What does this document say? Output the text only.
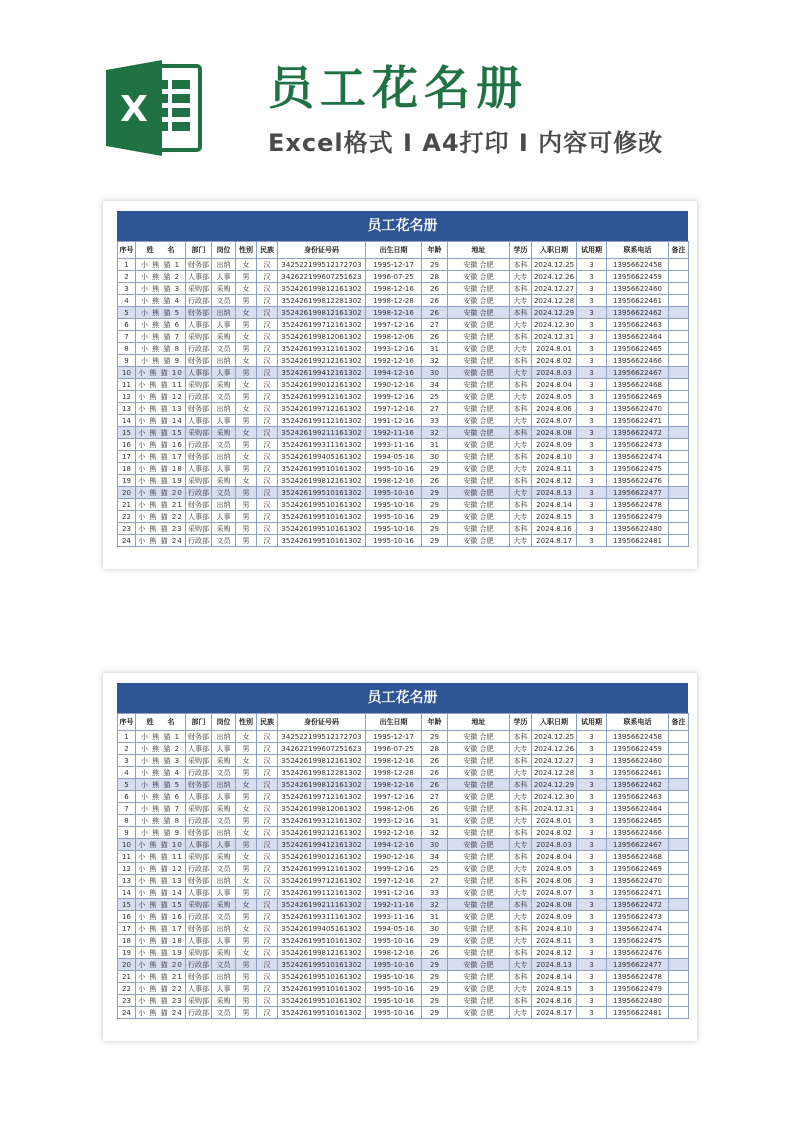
X	员工花名册
Excel格式 I A4打印 I 内容可修改
员工花名册
序号	姓　　名	部门	岗位	性别	民族	身份证号码	出生日期	年龄	地址	学历	入职日期	试用期	联系电话	备注
1	小 熊 猫 1	财务部	出纳	女	汉	342522199512172703	1995-12-17	29	安徽 合肥	本科	2024.12.25	3	13956622458	
2	小 熊 猫 2	人事部	人事	男	汉	342622199607251623	1996-07-25	28	安徽 合肥	大专	2024.12.26	3	13956622459	
3	小 熊 猫 3	采购部	采购	女	汉	352426199812161302	1998-12-16	26	安徽 合肥	本科	2024.12.27	3	13956622460	
4	小 熊 猫 4	行政部	文员	男	汉	352426199812281302	1998-12-28	26	安徽 合肥	大专	2024.12.28	3	13956622461	
5	小 熊 猫 5	财务部	出纳	女	汉	352426199812161302	1998-12-16	26	安徽 合肥	本科	2024.12.29	3	13956622462	
6	小 熊 猫 6	人事部	人事	男	汉	352426199712161302	1997-12-16	27	安徽 合肥	大专	2024.12.30	3	13956622463	
7	小 熊 猫 7	采购部	采购	女	汉	352426199812061302	1998-12-06	26	安徽 合肥	本科	2024.12.31	3	13956622464	
8	小 熊 猫 8	行政部	文员	男	汉	352426199312161302	1993-12-16	31	安徽 合肥	大专	2024.8.01	3	13956622465	
9	小 熊 猫 9	财务部	出纳	女	汉	352426199212161302	1992-12-16	32	安徽 合肥	本科	2024.8.02	3	13956622466	
10	小 熊 猫 10	人事部	人事	男	汉	352426199412161302	1994-12-16	30	安徽 合肥	大专	2024.8.03	3	13956622467	
11	小 熊 猫 11	采购部	采购	女	汉	352426199012161302	1990-12-16	34	安徽 合肥	本科	2024.8.04	3	13956622468	
12	小 熊 猫 12	行政部	文员	男	汉	352426199912161302	1999-12-16	25	安徽 合肥	大专	2024.8.05	3	13956622469	
13	小 熊 猫 13	财务部	出纳	女	汉	352426199712161302	1997-12-16	27	安徽 合肥	本科	2024.8.06	3	13956622470	
14	小 熊 猫 14	人事部	人事	男	汉	352426199112161302	1991-12-16	33	安徽 合肥	大专	2024.8.07	3	13956622471	
15	小 熊 猫 15	采购部	采购	女	汉	352426199211161302	1992-11-16	32	安徽 合肥	本科	2024.8.08	3	13956622472	
16	小 熊 猫 16	行政部	文员	男	汉	352426199311161302	1993-11-16	31	安徽 合肥	大专	2024.8.09	3	13956622473	
17	小 熊 猫 17	财务部	出纳	女	汉	352426199405161302	1994-05-16	30	安徽 合肥	本科	2024.8.10	3	13956622474	
18	小 熊 猫 18	人事部	人事	男	汉	352426199510161302	1995-10-16	29	安徽 合肥	大专	2024.8.11	3	13956622475	
19	小 熊 猫 19	采购部	采购	女	汉	352426199812161302	1998-12-16	26	安徽 合肥	本科	2024.8.12	3	13956622476	
20	小 熊 猫 20	行政部	文员	男	汉	352426199510161302	1995-10-16	29	安徽 合肥	大专	2024.8.13	3	13956622477	
21	小 熊 猫 21	财务部	出纳	男	汉	352426199510161302	1995-10-16	29	安徽 合肥	本科	2024.8.14	3	13956622478	
22	小 熊 猫 22	人事部	人事	男	汉	352426199510161302	1995-10-16	29	安徽 合肥	大专	2024.8.15	3	13956622479	
23	小 熊 猫 23	采购部	采购	男	汉	352426199510161302	1995-10-16	29	安徽 合肥	本科	2024.8.16	3	13956622480	
24	小 熊 猫 24	行政部	文员	男	汉	352426199510161302	1995-10-16	29	安徽 合肥	大专	2024.8.17	3	13956622481	
员工花名册
序号	姓　　名	部门	岗位	性别	民族	身份证号码	出生日期	年龄	地址	学历	入职日期	试用期	联系电话	备注
1	小 熊 猫 1	财务部	出纳	女	汉	342522199512172703	1995-12-17	29	安徽 合肥	本科	2024.12.25	3	13956622458	
2	小 熊 猫 2	人事部	人事	男	汉	342622199607251623	1996-07-25	28	安徽 合肥	大专	2024.12.26	3	13956622459	
3	小 熊 猫 3	采购部	采购	女	汉	352426199812161302	1998-12-16	26	安徽 合肥	本科	2024.12.27	3	13956622460	
4	小 熊 猫 4	行政部	文员	男	汉	352426199812281302	1998-12-28	26	安徽 合肥	大专	2024.12.28	3	13956622461	
5	小 熊 猫 5	财务部	出纳	女	汉	352426199812161302	1998-12-16	26	安徽 合肥	本科	2024.12.29	3	13956622462	
6	小 熊 猫 6	人事部	人事	男	汉	352426199712161302	1997-12-16	27	安徽 合肥	大专	2024.12.30	3	13956622463	
7	小 熊 猫 7	采购部	采购	女	汉	352426199812061302	1998-12-06	26	安徽 合肥	本科	2024.12.31	3	13956622464	
8	小 熊 猫 8	行政部	文员	男	汉	352426199312161302	1993-12-16	31	安徽 合肥	大专	2024.8.01	3	13956622465	
9	小 熊 猫 9	财务部	出纳	女	汉	352426199212161302	1992-12-16	32	安徽 合肥	本科	2024.8.02	3	13956622466	
10	小 熊 猫 10	人事部	人事	男	汉	352426199412161302	1994-12-16	30	安徽 合肥	大专	2024.8.03	3	13956622467	
11	小 熊 猫 11	采购部	采购	女	汉	352426199012161302	1990-12-16	34	安徽 合肥	本科	2024.8.04	3	13956622468	
12	小 熊 猫 12	行政部	文员	男	汉	352426199912161302	1999-12-16	25	安徽 合肥	大专	2024.8.05	3	13956622469	
13	小 熊 猫 13	财务部	出纳	女	汉	352426199712161302	1997-12-16	27	安徽 合肥	本科	2024.8.06	3	13956622470	
14	小 熊 猫 14	人事部	人事	男	汉	352426199112161302	1991-12-16	33	安徽 合肥	大专	2024.8.07	3	13956622471	
15	小 熊 猫 15	采购部	采购	女	汉	352426199211161302	1992-11-16	32	安徽 合肥	本科	2024.8.08	3	13956622472	
16	小 熊 猫 16	行政部	文员	男	汉	352426199311161302	1993-11-16	31	安徽 合肥	大专	2024.8.09	3	13956622473	
17	小 熊 猫 17	财务部	出纳	女	汉	352426199405161302	1994-05-16	30	安徽 合肥	本科	2024.8.10	3	13956622474	
18	小 熊 猫 18	人事部	人事	男	汉	352426199510161302	1995-10-16	29	安徽 合肥	大专	2024.8.11	3	13956622475	
19	小 熊 猫 19	采购部	采购	女	汉	352426199812161302	1998-12-16	26	安徽 合肥	本科	2024.8.12	3	13956622476	
20	小 熊 猫 20	行政部	文员	男	汉	352426199510161302	1995-10-16	29	安徽 合肥	大专	2024.8.13	3	13956622477	
21	小 熊 猫 21	财务部	出纳	男	汉	352426199510161302	1995-10-16	29	安徽 合肥	本科	2024.8.14	3	13956622478	
22	小 熊 猫 22	人事部	人事	男	汉	352426199510161302	1995-10-16	29	安徽 合肥	大专	2024.8.15	3	13956622479	
23	小 熊 猫 23	采购部	采购	男	汉	352426199510161302	1995-10-16	29	安徽 合肥	本科	2024.8.16	3	13956622480	
24	小 熊 猫 24	行政部	文员	男	汉	352426199510161302	1995-10-16	29	安徽 合肥	大专	2024.8.17	3	13956622481	
